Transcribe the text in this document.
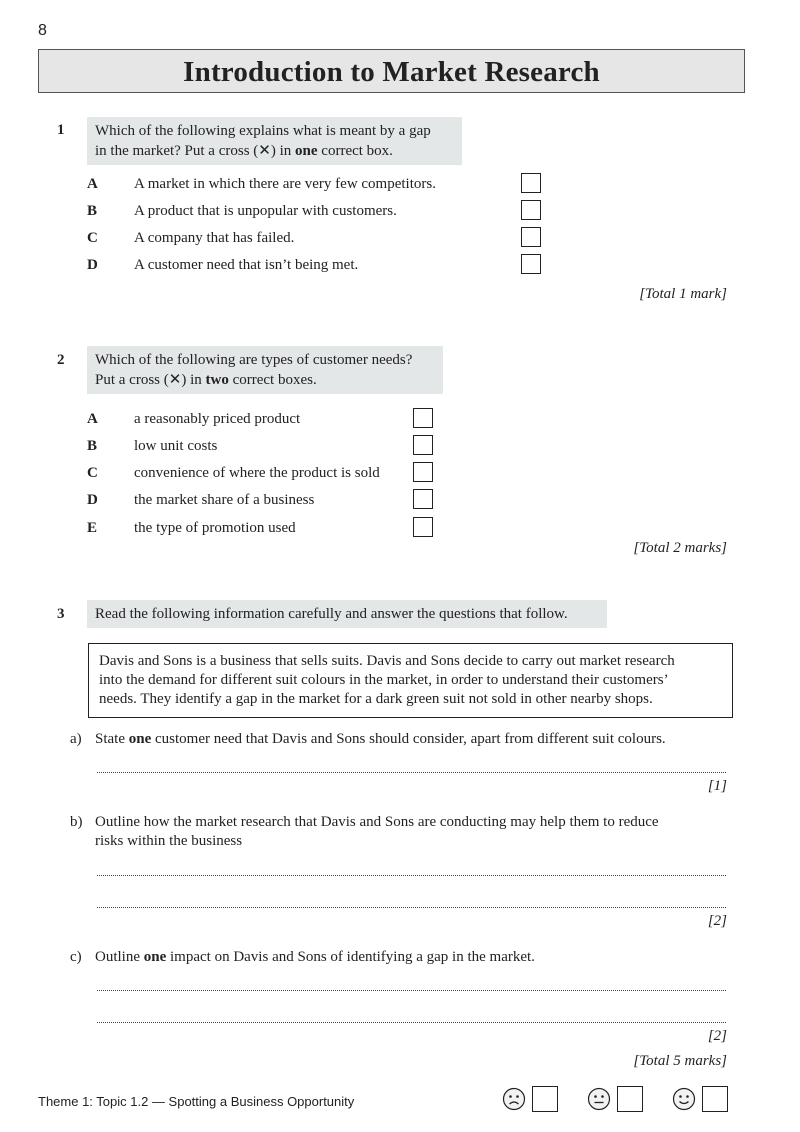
8
Introduction to Market Research
1 Which of the following explains what is meant by a gap
in the market? Put a cross (✕) in one correct box.
A A market in which there are very few competitors.
B A product that is unpopular with customers.
C A company that has failed.
D A customer need that isn’t being met.
[Total 1 mark]
2 Which of the following are types of customer needs?
Put a cross (✕) in two correct boxes.
A a reasonably priced product
B low unit costs
C convenience of where the product is sold
D the market share of a business
E the type of promotion used
[Total 2 marks]
3	Read the following information carefully and answer the questions that follow.
Davis and Sons is a business that sells suits. Davis and Sons decide to carry out market research
into the demand for different suit colours in the market, in order to understand their customers’
needs. They identify a gap in the market for a dark green suit not sold in other nearby shops.
a) State one customer need that Davis and Sons should consider, apart from different suit colours.
[1]
b) Outline how the market research that Davis and Sons are conducting may help them to reduce
risks within the business
[2]
c) Outline one impact on Davis and Sons of identifying a gap in the market.
[2]
[Total 5 marks]
Theme 1: Topic 1.2 — Spotting a Business Opportunity
